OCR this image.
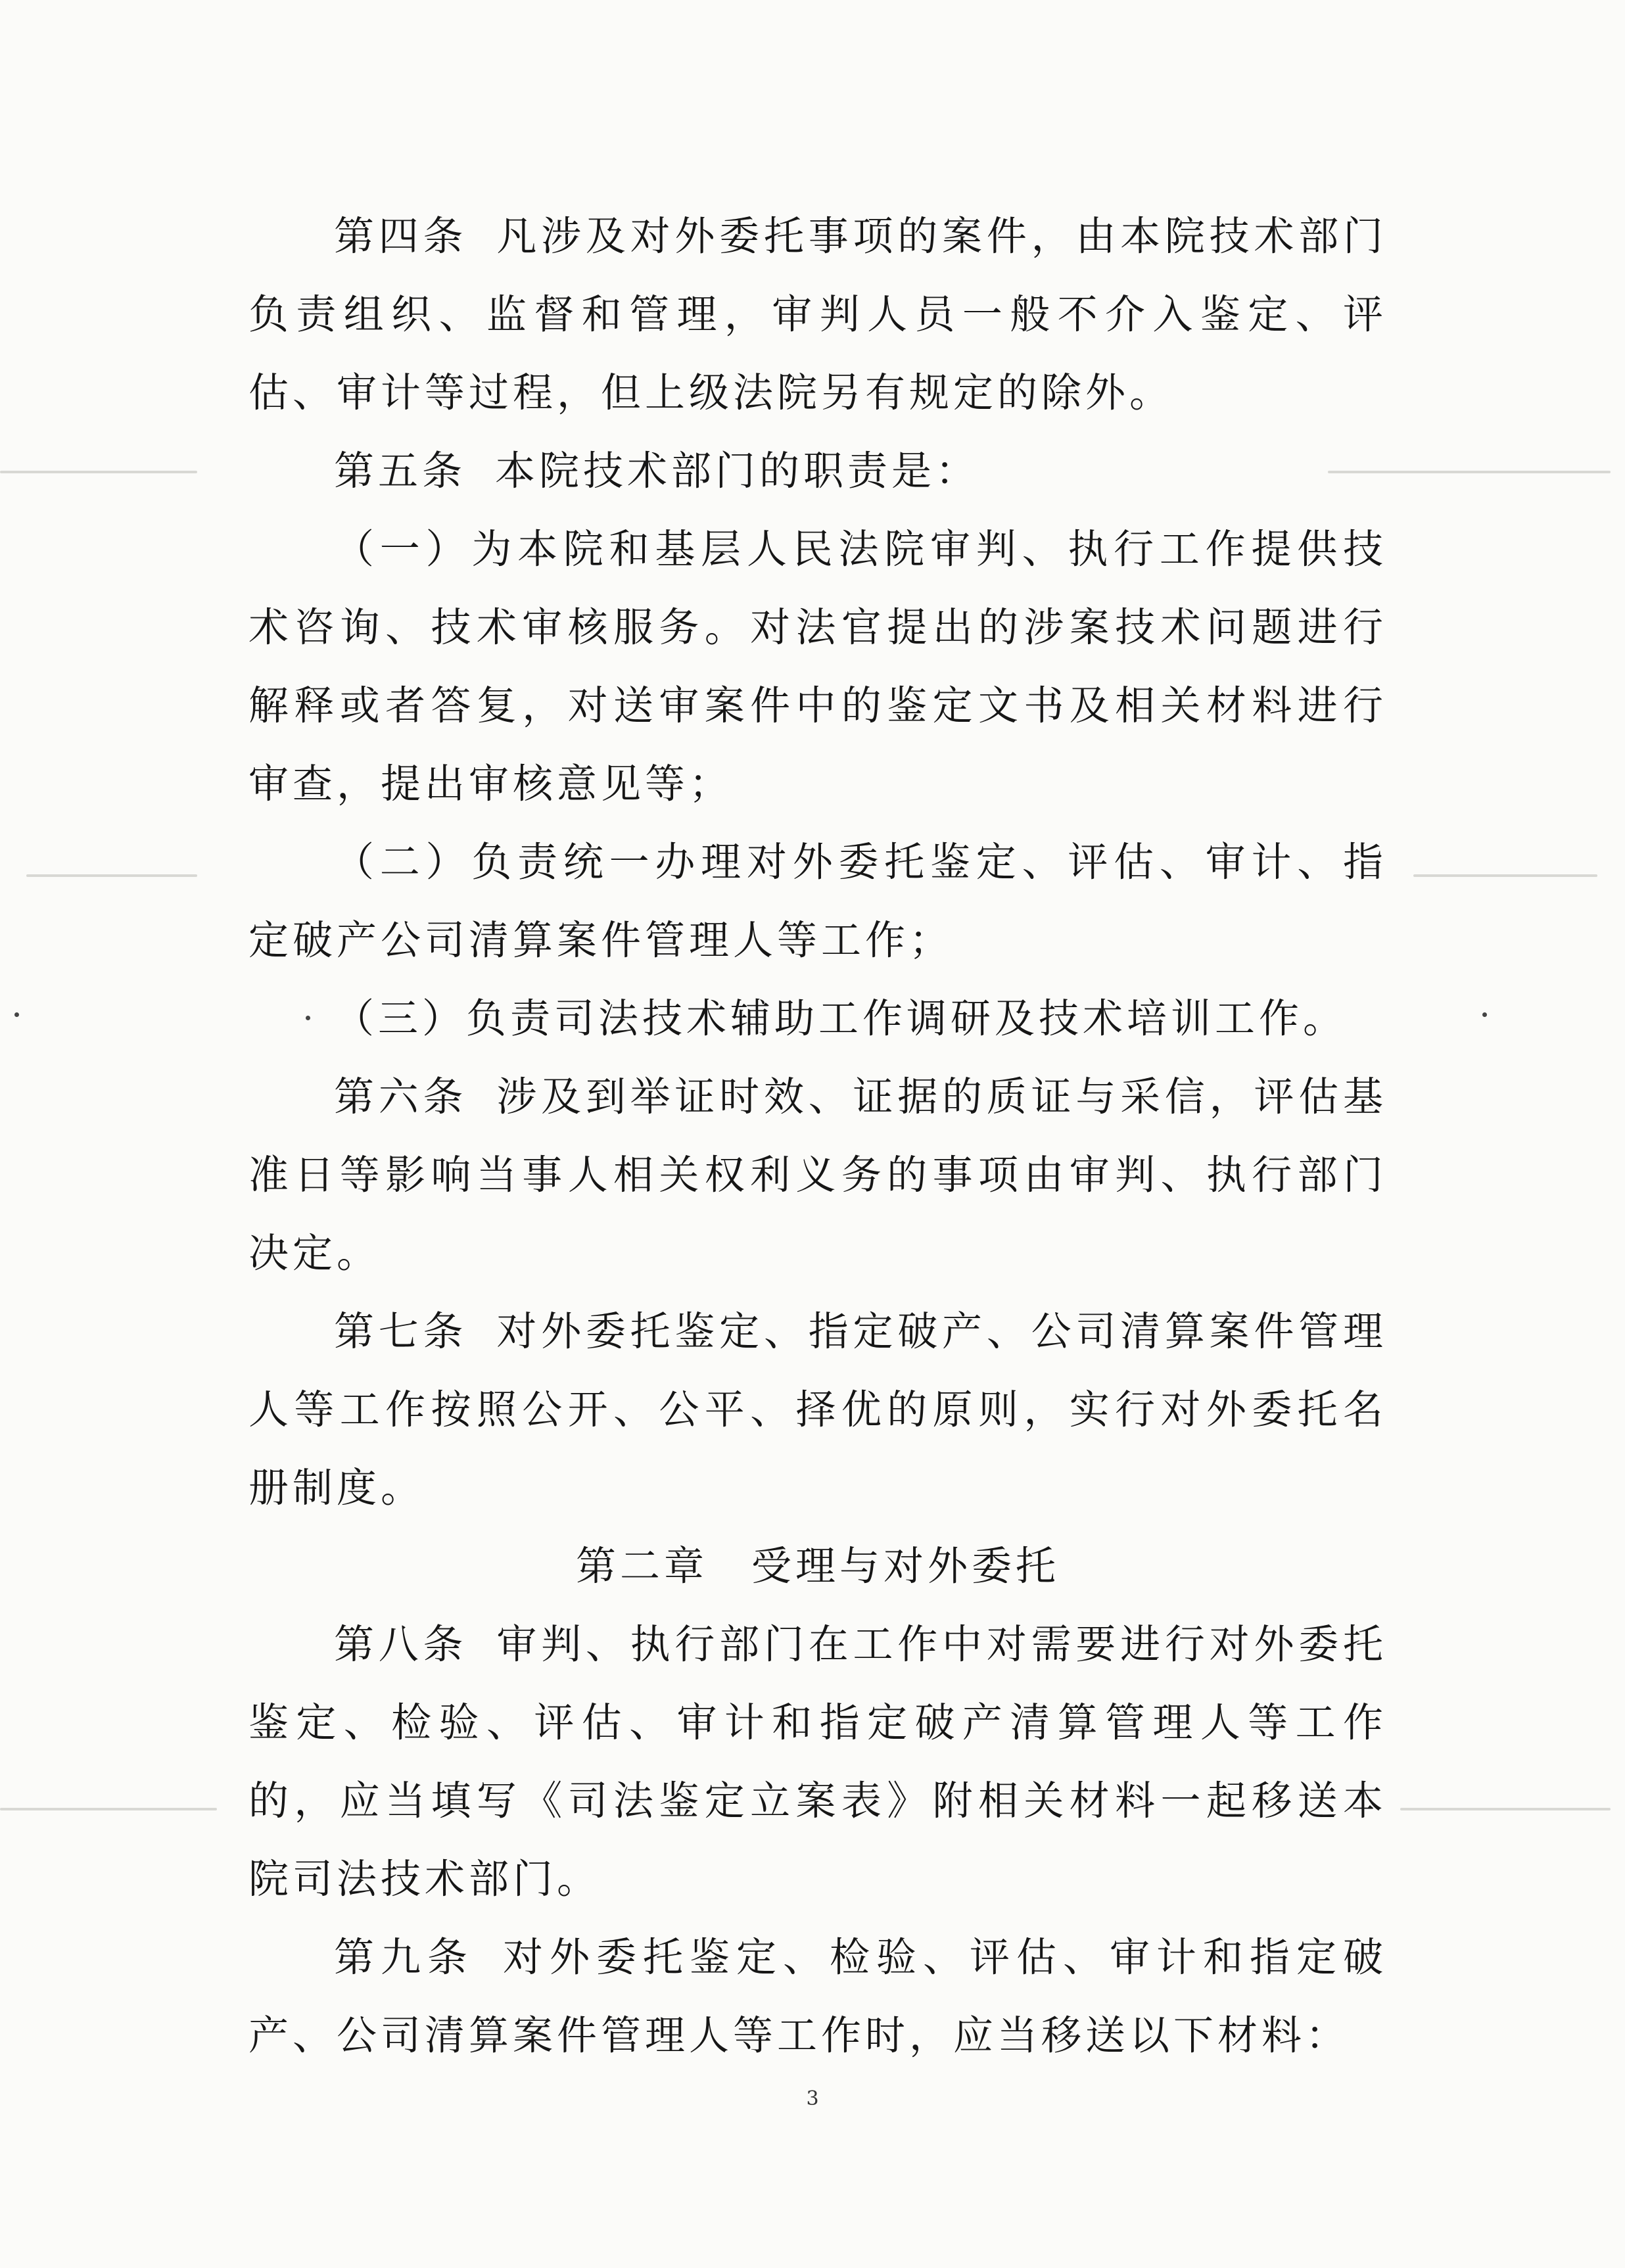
第四条 凡涉及对外委托事项的案件，由本院技术部门负责组织、监督和管理，审判人员一般不介入鉴定、评估、审计等过程，但上级法院另有规定的除外。

第五条 本院技术部门的职责是：

（一）为本院和基层人民法院审判、执行工作提供技术咨询、技术审核服务。对法官提出的涉案技术问题进行解释或者答复，对送审案件中的鉴定文书及相关材料进行审查，提出审核意见等；

（二）负责统一办理对外委托鉴定、评估、审计、指定破产公司清算案件管理人等工作；

（三）负责司法技术辅助工作调研及技术培训工作。

第六条 涉及到举证时效、证据的质证与采信，评估基准日等影响当事人相关权利义务的事项由审判、执行部门决定。

第七条 对外委托鉴定、指定破产、公司清算案件管理人等工作按照公开、公平、择优的原则，实行对外委托名册制度。

第二章 受理与对外委托

第八条 审判、执行部门在工作中对需要进行对外委托鉴定、检验、评估、审计和指定破产清算管理人等工作的，应当填写《司法鉴定立案表》附相关材料一起移送本院司法技术部门。

第九条 对外委托鉴定、检验、评估、审计和指定破产、公司清算案件管理人等工作时，应当移送以下材料：

3
